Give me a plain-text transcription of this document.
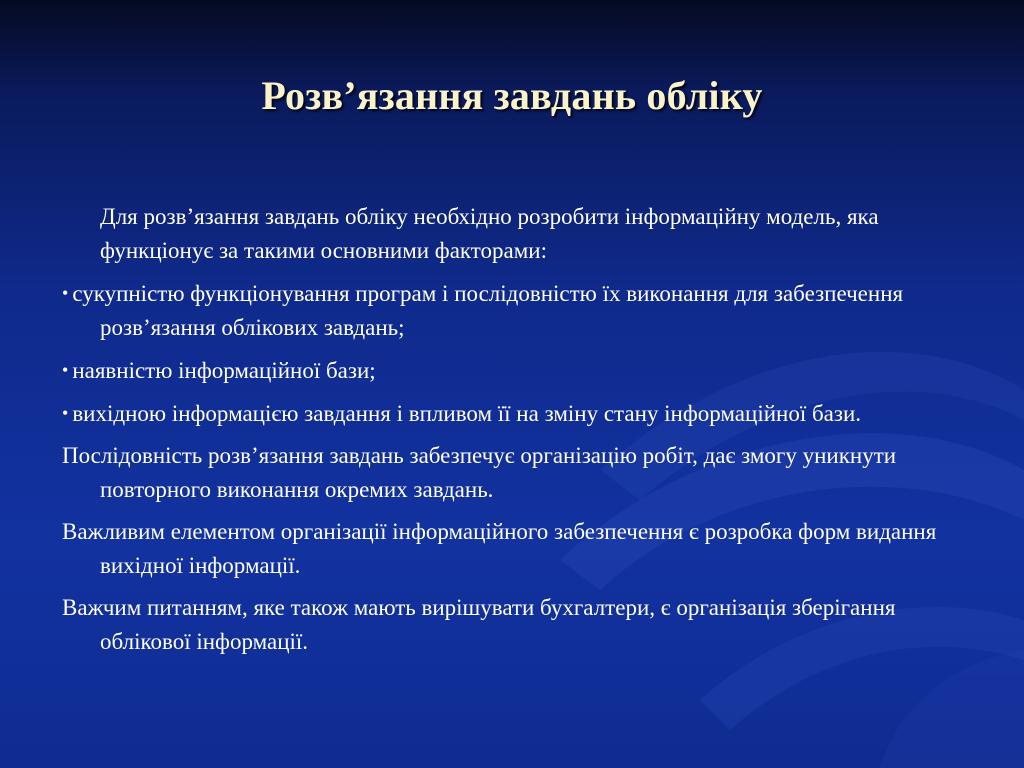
Розв’язання завдань обліку

Для розв’язання завдань обліку необхідно розробити інформаційну модель, яка функціонує за такими основними факторами:

• сукупністю функціонування програм і послідовністю їх виконання для забезпечення розв’язання облікових завдань;

• наявністю інформаційної бази;

• вихідною інформацією завдання і впливом її на зміну стану інформаційної бази.

Послідовність розв’язання завдань забезпечує організацію робіт, дає змогу уникнути повторного виконання окремих завдань.

Важливим елементом організації інформаційного забезпечення є розробка форм видання вихідної інформації.

Важчим питанням, яке також мають вирішувати бухгалтери, є організація зберігання облікової інформації.
